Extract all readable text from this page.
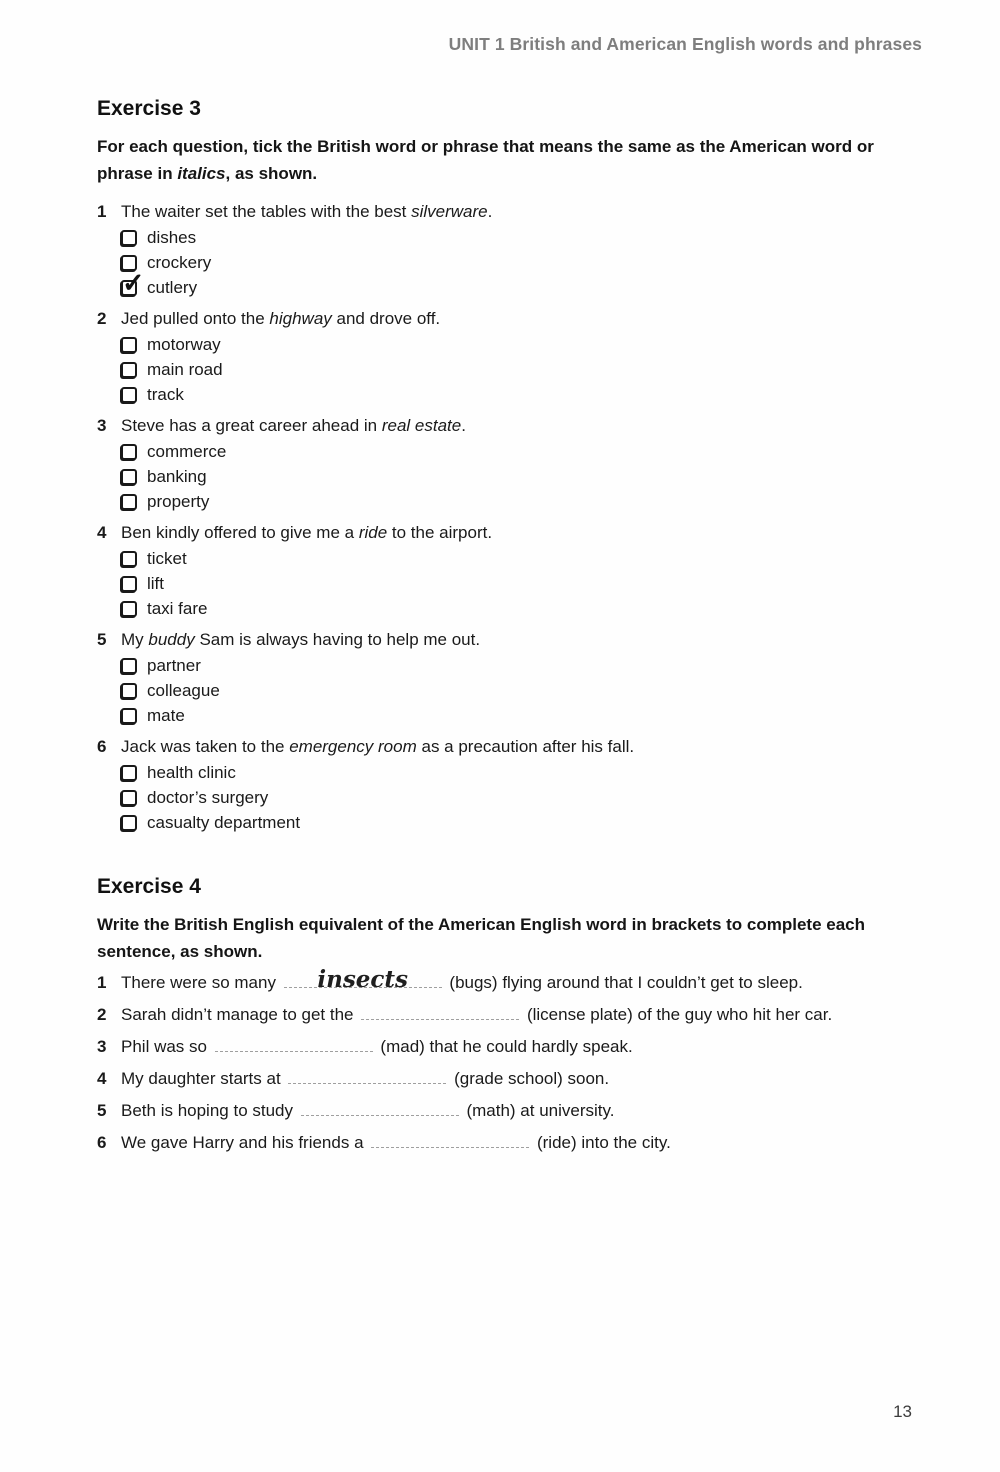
UNIT 1 British and American English words and phrases
Exercise 3

For each question, tick the British word or phrase that means the same as the American word or phrase in italics, as shown.

1 The waiter set the tables with the best silverware.
dishes
crockery
✓
cutlery
2 Jed pulled onto the highway and drove off.
motorway
main road
track
3 Steve has a great career ahead in real estate.
commerce
banking
property
4 Ben kindly offered to give me a ride to the airport.
ticket
lift
taxi fare
5 My buddy Sam is always having to help me out.
partner
colleague
mate
6 Jack was taken to the emergency room as a precaution after his fall.
health clinic
doctor’s surgery
casualty department
Exercise 4

Write the British English equivalent of the American English word in brackets to complete each sentence, as shown.

1 There were so many	insects	(bugs) flying around that I couldn’t get to sleep.
2 Sarah didn’t manage to get the	(license plate) of the guy who hit her car.
3 Phil was so	(mad) that he could hardly speak.
4 My daughter starts at	(grade school) soon.
5 Beth is hoping to study	(math) at university.
6 We gave Harry and his friends a	(ride) into the city.
13
